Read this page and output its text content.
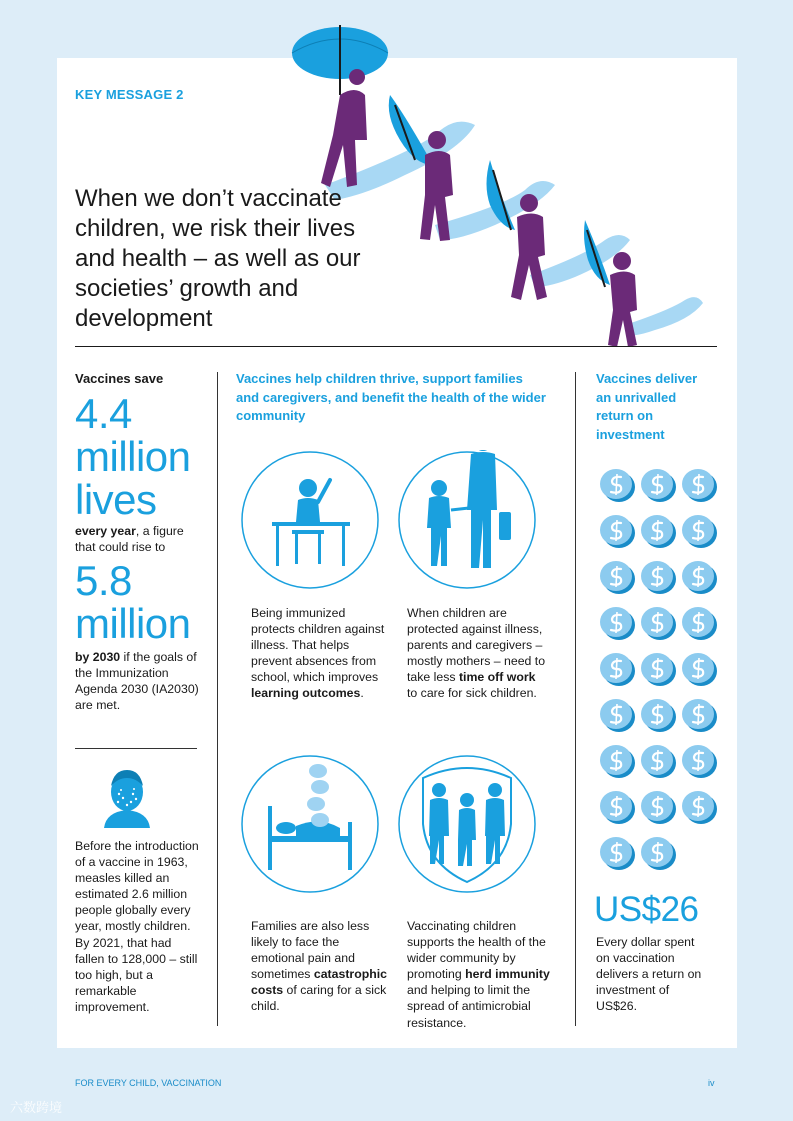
KEY MESSAGE 2
When we don’t vaccinate children, we risk their lives and health – as well as our societies’ growth and development
Vaccines save
4.4
million
lives
every year, a figure that could rise to
5.8
million
by 2030 if the goals of the Immunization Agenda 2030 (IA2030) are met.
Before the introduction of a vaccine in 1963, measles killed an estimated 2.6 million people globally every year, mostly children. By 2021, that had fallen to 128,000 – still too high, but a remarkable improvement.
Vaccines help children thrive, support families and caregivers, and benefit the health of the wider community
Being immunized protects children against illness. That helps prevent absences from school, which improves learning outcomes.
When children are protected against illness, parents and caregivers – mostly mothers – need to take less time off work to care for sick children.
Families are also less likely to face the emotional pain and sometimes catastrophic costs of caring for a sick child.
Vaccinating children supports the health of the wider community by promoting herd immunity and helping to limit the spread of antimicrobial resistance.
Vaccines deliver an unrivalled return on investment
US$26
Every dollar spent on vaccination delivers a return on investment of US$26.
FOR EVERY CHILD, VACCINATION	iv
六数跨境
